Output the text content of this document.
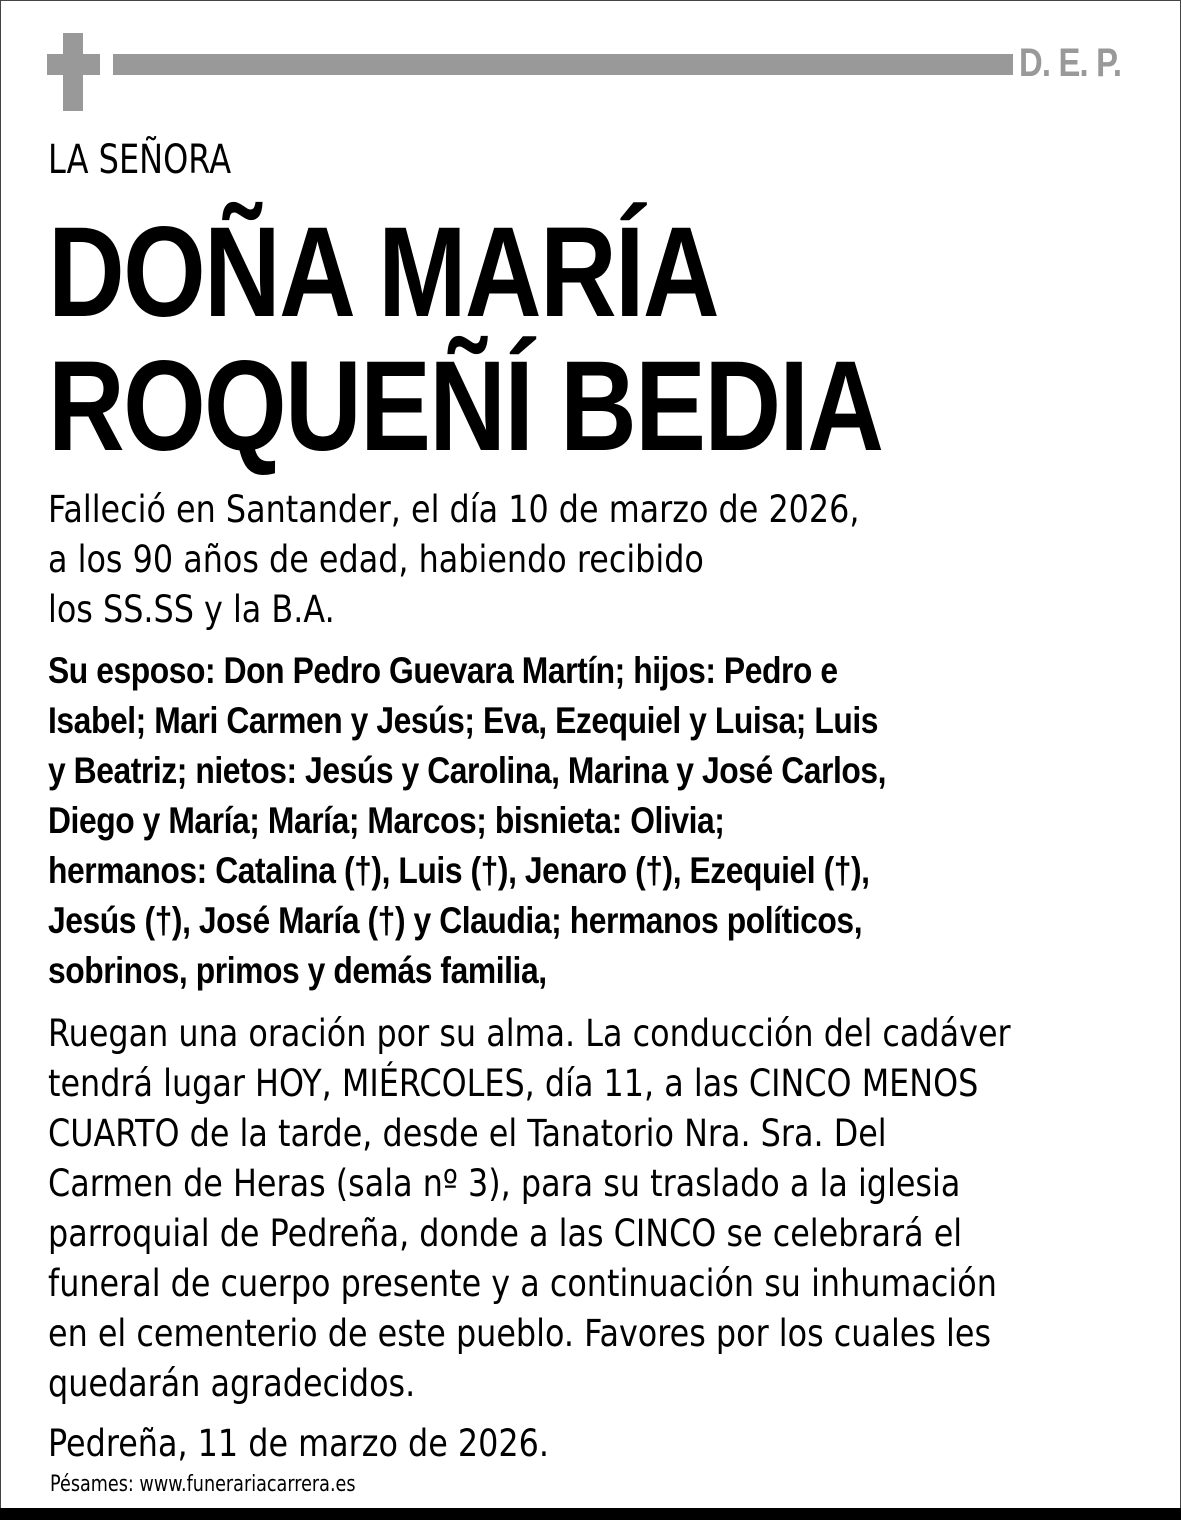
D. E. P.
LA SEÑORA
DOÑA MARÍA
ROQUEÑÍ BEDIA
Falleció en Santander, el día 10 de marzo de 2026,
a los 90 años de edad, habiendo recibido
los SS.SS y la B.A.
Su esposo: Don Pedro Guevara Martín; hijos: Pedro e
Isabel; Mari Carmen y Jesús; Eva, Ezequiel y Luisa; Luis
y Beatriz; nietos: Jesús y Carolina, Marina y José Carlos,
Diego y María; María; Marcos; bisnieta: Olivia;
hermanos: Catalina (†), Luis (†), Jenaro (†), Ezequiel (†),
Jesús (†), José María (†) y Claudia; hermanos políticos,
sobrinos, primos y demás familia,
Ruegan una oración por su alma. La conducción del cadáver
tendrá lugar HOY, MIÉRCOLES, día 11, a las CINCO MENOS
CUARTO de la tarde, desde el Tanatorio Nra. Sra. Del
Carmen de Heras (sala nº 3), para su traslado a la iglesia
parroquial de Pedreña, donde a las CINCO se celebrará el
funeral de cuerpo presente y a continuación su inhumación
en el cementerio de este pueblo. Favores por los cuales les
quedarán agradecidos.
Pedreña, 11 de marzo de 2026.
Pésames: www.funerariacarrera.es
